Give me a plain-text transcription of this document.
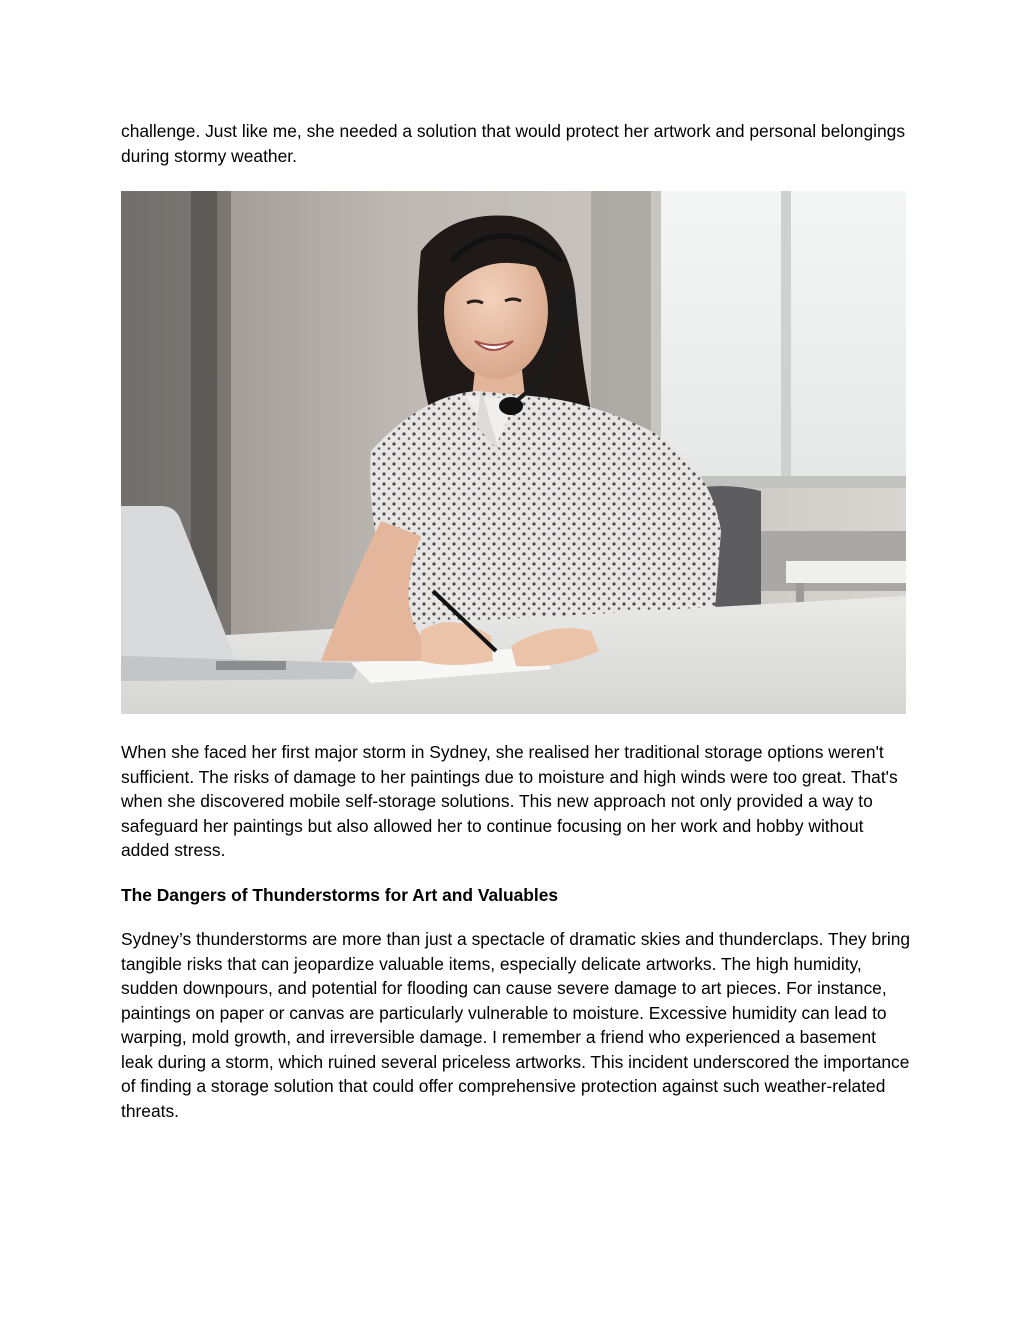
challenge. Just like me, she needed a solution that would protect her artwork and personal belongings during stormy weather.

When she faced her first major storm in Sydney, she realised her traditional storage options weren't sufficient. The risks of damage to her paintings due to moisture and high winds were too great. That's when she discovered mobile self-storage solutions. This new approach not only provided a way to safeguard her paintings but also allowed her to continue focusing on her work and hobby without added stress.

The Dangers of Thunderstorms for Art and Valuables

Sydney’s thunderstorms are more than just a spectacle of dramatic skies and thunderclaps. They bring tangible risks that can jeopardize valuable items, especially delicate artworks. The high humidity, sudden downpours, and potential for flooding can cause severe damage to art pieces. For instance, paintings on paper or canvas are particularly vulnerable to moisture. Excessive humidity can lead to warping, mold growth, and irreversible damage. I remember a friend who experienced a basement leak during a storm, which ruined several priceless artworks. This incident underscored the importance of finding a storage solution that could offer comprehensive protection against such weather-related threats.
